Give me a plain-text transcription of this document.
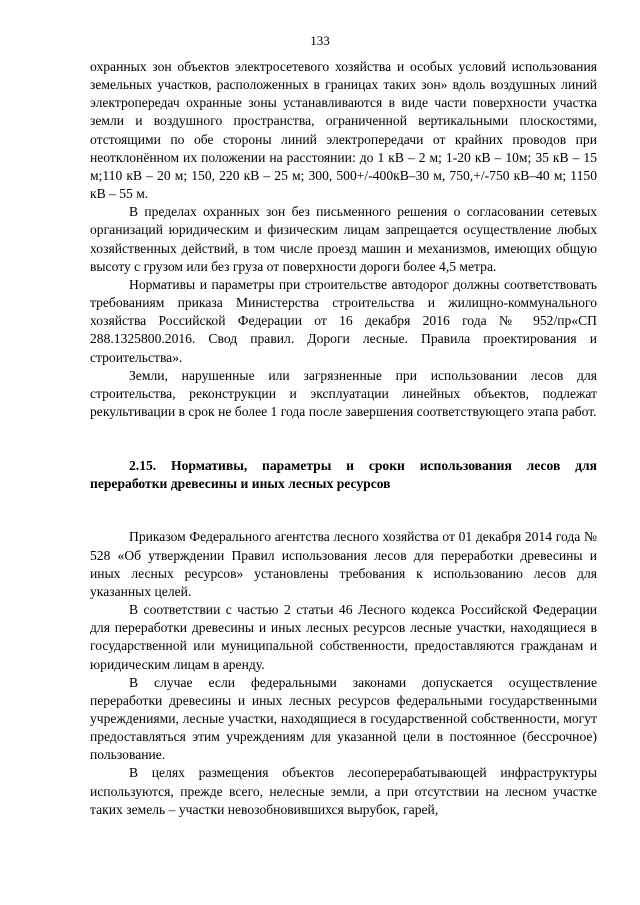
133

охранных зон объектов электросетевого хозяйства и особых условий использования земельных участков, расположенных в границах таких зон» вдоль воздушных линий электропередач охранные зоны устанавливаются в виде части поверхности участка земли и воздушного пространства, ограниченной вертикальными плоскостями, отстоящими по обе стороны линий электропередачи от крайних проводов при неотклонённом их положении на расстоянии: до 1 кВ – 2 м; 1-20 кВ – 10м; 35 кВ – 15 м;110 кВ – 20 м; 150, 220 кВ – 25 м; 300, 500+/-400кВ–30 м, 750,+/-750 кВ–40 м; 1150 кВ – 55 м.

В пределах охранных зон без письменного решения о согласовании сетевых организаций юридическим и физическим лицам запрещается осуществление любых хозяйственных действий, в том числе проезд машин и механизмов, имеющих общую высоту с грузом или без груза от поверхности дороги более 4,5 метра.

Нормативы и параметры при строительстве автодорог должны соответствовать требованиям приказа Министерства строительства и жилищно-коммунального хозяйства Российской Федерации от 16 декабря 2016 года № 952/пр«СП 288.1325800.2016. Свод правил. Дороги лесные. Правила проектирования и строительства».

Земли, нарушенные или загрязненные при использовании лесов для строительства, реконструкции и эксплуатации линейных объектов, подлежат рекультивации в срок не более 1 года после завершения соответствующего этапа работ.

2.15. Нормативы, параметры и сроки использования лесов для переработки древесины и иных лесных ресурсов

Приказом Федерального агентства лесного хозяйства от 01 декабря 2014 года № 528 «Об утверждении Правил использования лесов для переработки древесины и иных лесных ресурсов» установлены требования к использованию лесов для указанных целей.

В соответствии с частью 2 статьи 46 Лесного кодекса Российской Федерации для переработки древесины и иных лесных ресурсов лесные участки, находящиеся в государственной или муниципальной собственности, предоставляются гражданам и юридическим лицам в аренду.

В случае если федеральными законами допускается осуществление переработки древесины и иных лесных ресурсов федеральными государственными учреждениями, лесные участки, находящиеся в государственной собственности, могут предоставляться этим учреждениям для указанной цели в постоянное (бессрочное) пользование.

В целях размещения объектов лесоперерабатывающей инфраструктуры используются, прежде всего, нелесные земли, а при отсутствии на лесном участке таких земель – участки невозобновившихся вырубок, гарей,
